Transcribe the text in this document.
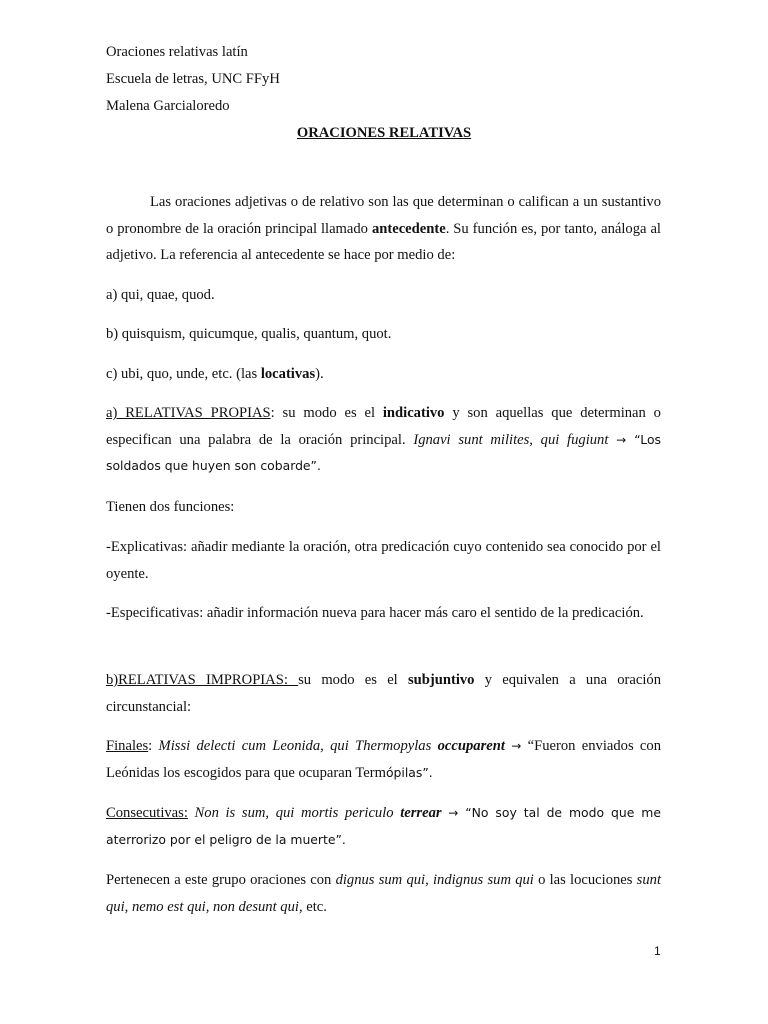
Oraciones relativas latín

Escuela de letras, UNC FFyH

Malena Garcialoredo

ORACIONES RELATIVAS

Las oraciones adjetivas o de relativo son las que determinan o califican a un sustantivo o pronombre de la oración principal llamado antecedente. Su función es, por tanto, análoga al adjetivo. La referencia al antecedente se hace por medio de:

a) qui, quae, quod.

b) quisquism, quicumque, qualis, quantum, quot.

c) ubi, quo, unde, etc. (las locativas).

a) RELATIVAS PROPIAS: su modo es el indicativo y son aquellas que determinan o especifican una palabra de la oración principal. Ignavi sunt milites, qui fugiunt → “Los soldados que huyen son cobarde”.

Tienen dos funciones:

-Explicativas: añadir mediante la oración, otra predicación cuyo contenido sea conocido por el oyente.

-Especificativas: añadir información nueva para hacer más caro el sentido de la predicación.

b)RELATIVAS IMPROPIAS: su modo es el subjuntivo y equivalen a una oración circunstancial:

Finales: Missi delecti cum Leonida, qui Thermopylas occuparent → “Fueron enviados con Leónidas los escogidos para que ocuparan Termópilas”.

Consecutivas: Non is sum, qui mortis periculo terrear → “No soy tal de modo que me aterrorizo por el peligro de la muerte”.

Pertenecen a este grupo oraciones con dignus sum qui, indignus sum qui o las locuciones sunt qui, nemo est qui, non desunt qui, etc.

1
